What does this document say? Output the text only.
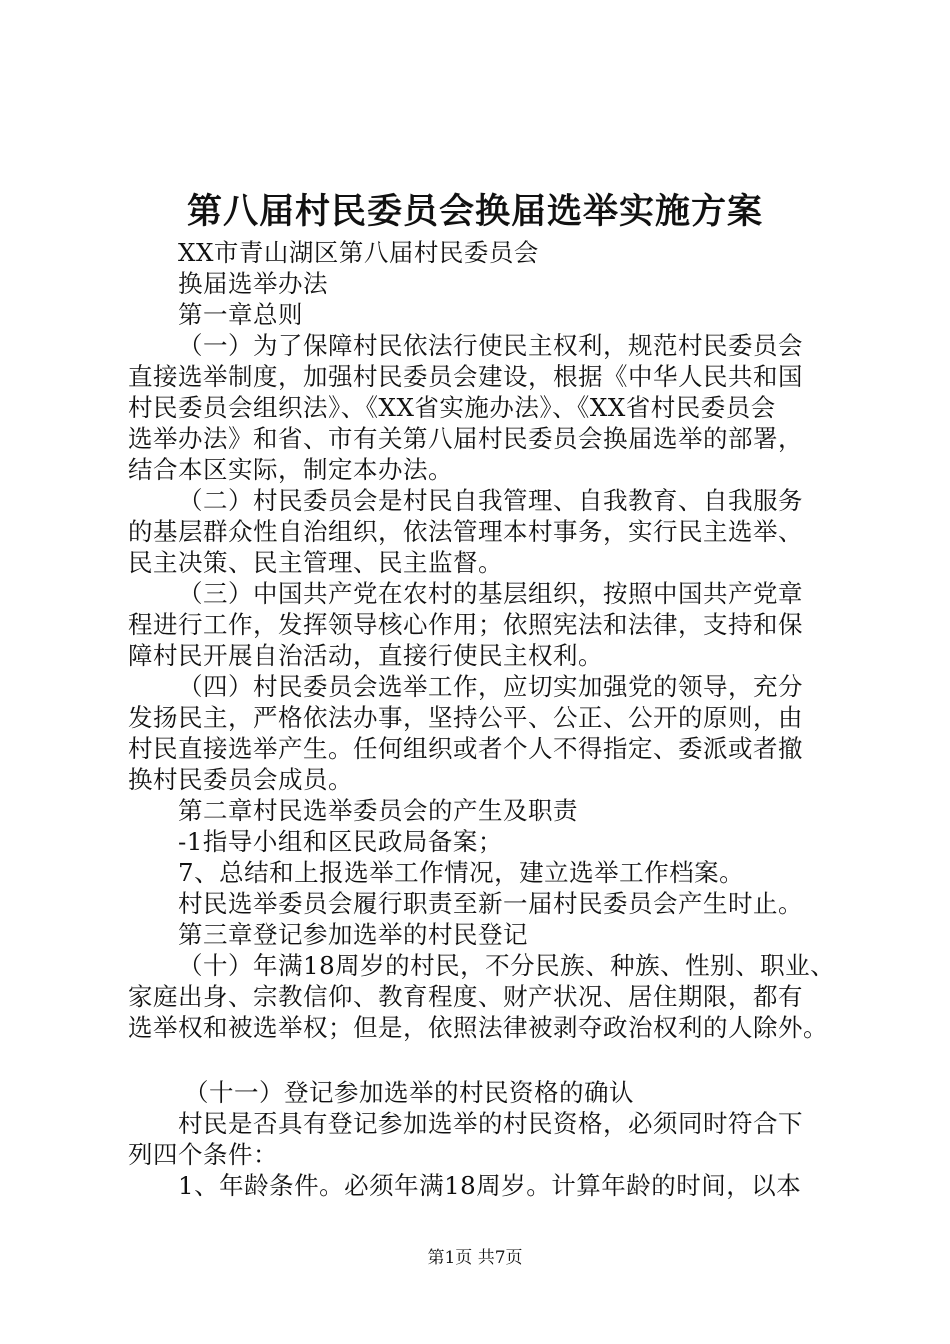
第八届村民委员会换届选举实施方案
XX市青山湖区第八届村民委员会
换届选举办法
第一章总则
（一）为了保障村民依法行使民主权利，规范村民委员会
直接选举制度，加强村民委员会建设，根据《中华人民共和国
村民委员会组织法》、《XX省实施办法》、《XX省村民委员会
选举办法》和省、市有关第八届村民委员会换届选举的部署，
结合本区实际，制定本办法。
（二）村民委员会是村民自我管理、自我教育、自我服务
的基层群众性自治组织，依法管理本村事务，实行民主选举、
民主决策、民主管理、民主监督。
（三）中国共产党在农村的基层组织，按照中国共产党章
程进行工作，发挥领导核心作用；依照宪法和法律，支持和保
障村民开展自治活动，直接行使民主权利。
（四）村民委员会选举工作，应切实加强党的领导，充分
发扬民主，严格依法办事，坚持公平、公正、公开的原则，由
村民直接选举产生。任何组织或者个人不得指定、委派或者撤
换村民委员会成员。
第二章村民选举委员会的产生及职责
-1指导小组和区民政局备案；
7、总结和上报选举工作情况，建立选举工作档案。
村民选举委员会履行职责至新一届村民委员会产生时止。
第三章登记参加选举的村民登记
（十）年满18周岁的村民，不分民族、种族、性别、职业、
家庭出身、宗教信仰、教育程度、财产状况、居住期限，都有
选举权和被选举权；但是，依照法律被剥夺政治权利的人除外。
（十一）登记参加选举的村民资格的确认
村民是否具有登记参加选举的村民资格，必须同时符合下
列四个条件：
1、年龄条件。必须年满18周岁。计算年龄的时间，以本
第1页 共7页
